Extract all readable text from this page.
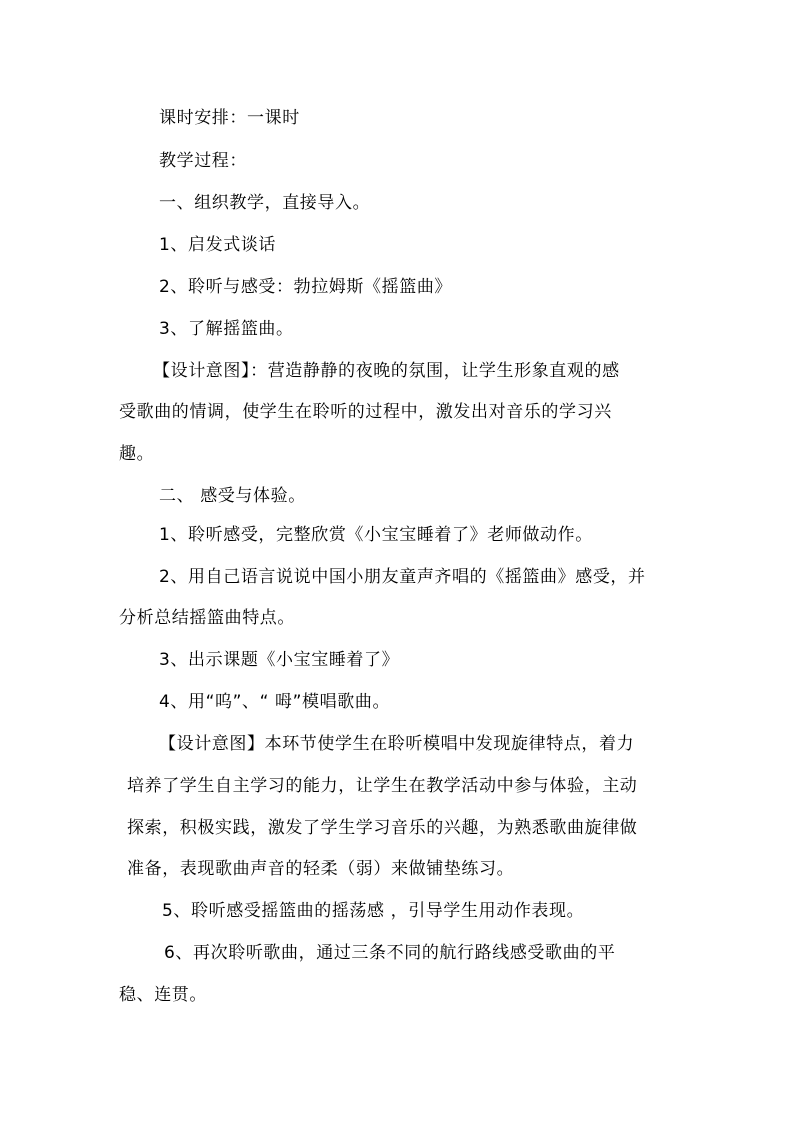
课时安排：一课时
教学过程：
一、组织教学，直接导入。
1、启发式谈话
2、聆听与感受：勃拉姆斯《摇篮曲》
3、了解摇篮曲。
【设计意图】：营造静静的夜晚的氛围，让学生形象直观的感
受歌曲的情调，使学生在聆听的过程中，激发出对音乐的学习兴
趣。
二、 感受与体验。
1、聆听感受，完整欣赏《小宝宝睡着了》老师做动作。
2、用自己语言说说中国小朋友童声齐唱的《摇篮曲》感受，并
分析总结摇篮曲特点。
3、出示课题《小宝宝睡着了》
4、用“呜”、“ 呣”模唱歌曲。
【设计意图】本环节使学生在聆听模唱中发现旋律特点，着力
培养了学生自主学习的能力，让学生在教学活动中参与体验，主动
探索，积极实践，激发了学生学习音乐的兴趣，为熟悉歌曲旋律做
准备，表现歌曲声音的轻柔（弱）来做铺垫练习。
5、聆听感受摇篮曲的摇荡感 ，引导学生用动作表现。
6、再次聆听歌曲，通过三条不同的航行路线感受歌曲的平
稳、连贯。
